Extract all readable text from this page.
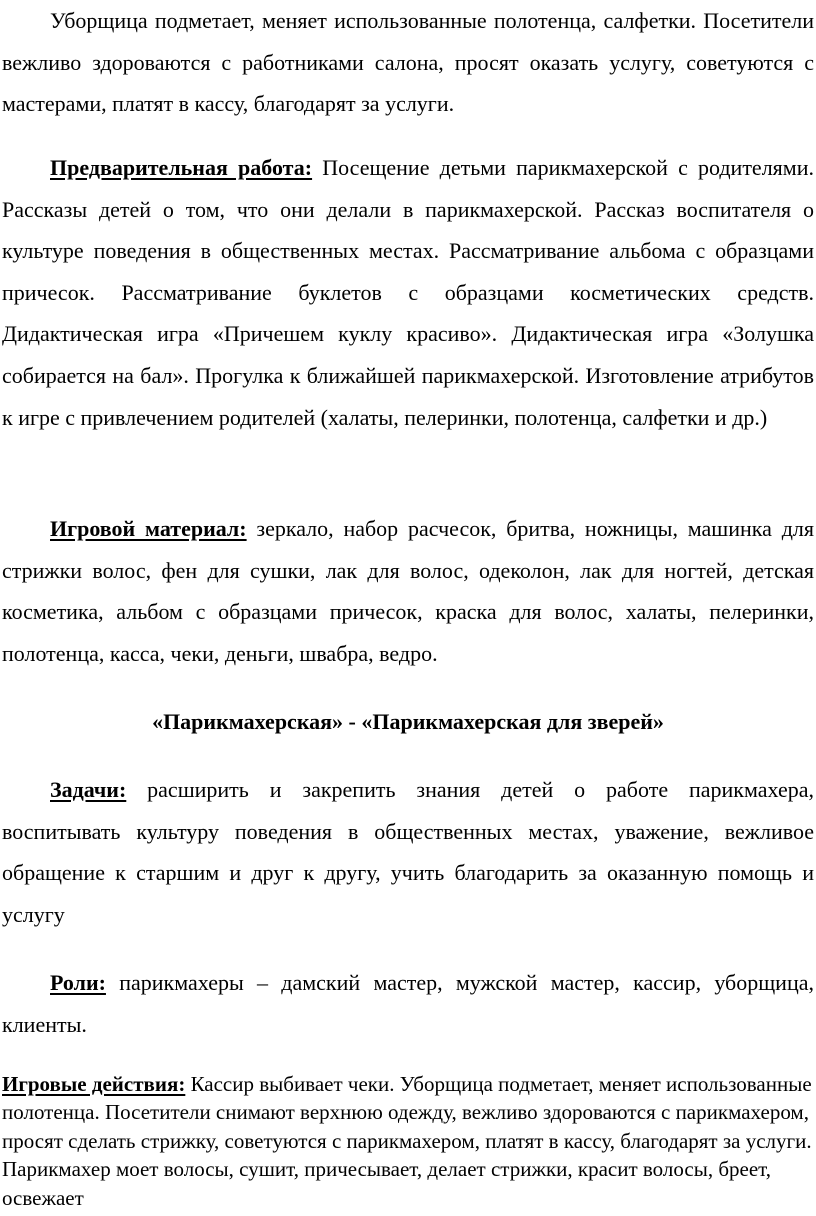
Уборщица подметает, меняет использованные полотенца, салфетки. Посетители вежливо здороваются с работниками салона, просят оказать услугу, советуются с мастерами, платят в кассу, благодарят за услуги.

Предварительная работа: Посещение детьми парикмахерской с родителями. Рассказы детей о том, что они делали в парикмахерской. Рассказ воспитателя о культуре поведения в общественных местах. Рассматривание альбома с образцами причесок. Рассматривание буклетов с образцами косметических средств. Дидактическая игра «Причешем куклу красиво». Дидактическая игра «Золушка собирается на бал». Прогулка к ближайшей парикмахерской. Изготовление атрибутов к игре с привлечением родителей (халаты, пелеринки, полотенца, салфетки и др.)

Игровой материал: зеркало, набор расчесок, бритва, ножницы, машинка для стрижки волос, фен для сушки, лак для волос, одеколон, лак для ногтей, детская косметика, альбом с образцами причесок, краска для волос, халаты, пелеринки, полотенца, касса, чеки, деньги, швабра, ведро.

«Парикмахерская» - «Парикмахерская для зверей»

Задачи: расширить и закрепить знания детей о работе парикмахера, воспитывать культуру поведения в общественных местах, уважение, вежливое обращение к старшим и друг к другу, учить благодарить за оказанную помощь и услугу

Роли: парикмахеры – дамский мастер, мужской мастер, кассир, уборщица, клиенты.

Игровые действия: Кассир выбивает чеки. Уборщица подметает, меняет использованные полотенца. Посетители снимают верхнюю одежду, вежливо здороваются с парикмахером, просят сделать стрижку, советуются с парикмахером, платят в кассу, благодарят за услуги. Парикмахер моет волосы, сушит, причесывает, делает стрижки, красит волосы, бреет, освежает
